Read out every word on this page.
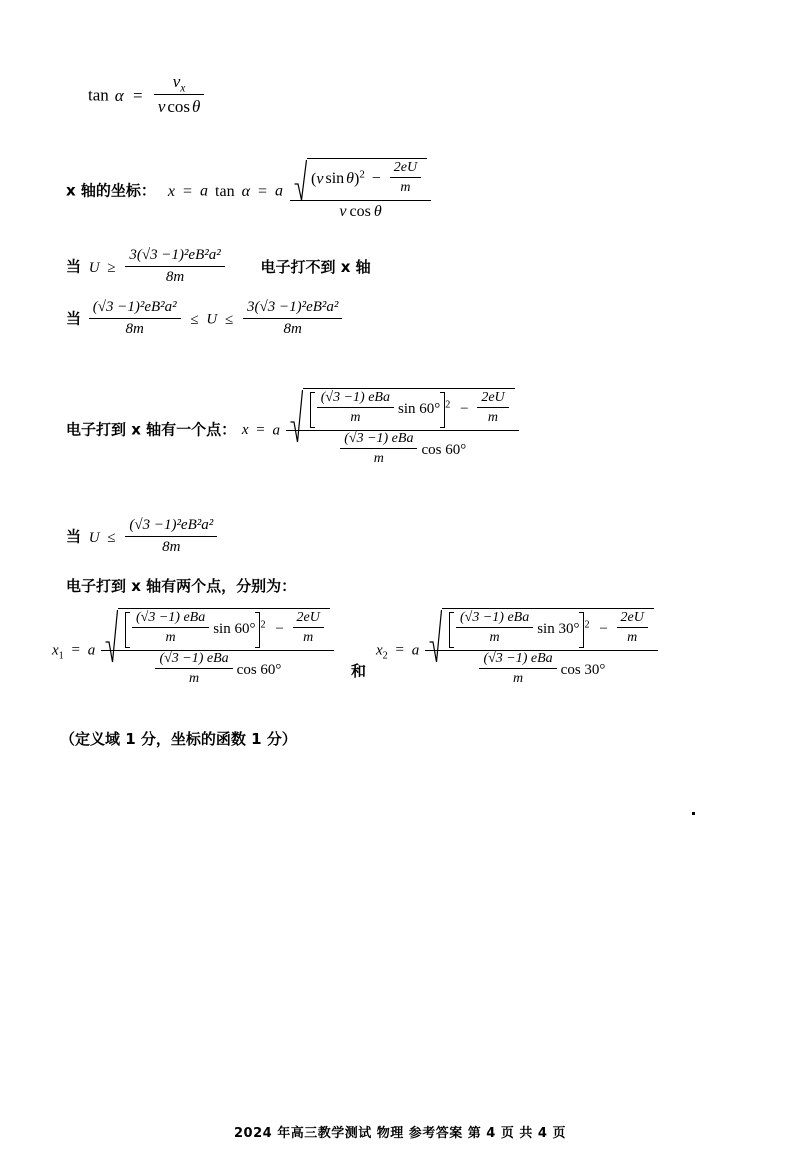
$\tan \alpha = \frac{v_x}{\text{v cos θ}}$
x 轴的坐标： x = a tan α = a
(v $\sin \theta)^2 - \frac{2eU}{m}$
v cos θ
当 $U \ge \frac{\text{3(√3 −1)²eB²a²}}{8m}$ 电子打不到 x 轴
当 $\frac{\text{(√3 −1)²eB²a²}}{8m} \le U \le \frac{\text{3(√3 −1)²eB²a²}}{8m}$
电子打到 x 轴有一个点： x = a
$\frac{\text{(√3 −1) eBa}}{m}$ sin 60° $^2 - \frac{2eU}{m}$
$\frac{\text{(√3 −1) eBa}}{m}$ cos 60°
当 $U \le \frac{\text{(√3 −1)²eB²a²}}{8m}$
电子打到 x 轴有两个点，分别为：
$x_1 = a$
$\frac{\text{(√3 −1) eBa}}{m}$ sin 60° $^2 - \frac{2eU}{m}$
$\frac{\text{(√3 −1) eBa}}{m}$ cos 60°	和
$x_2 = a$
$\frac{\text{(√3 −1) eBa}}{m}$ sin 30° $^2 - \frac{2eU}{m}$
$\frac{\text{(√3 −1) eBa}}{m}$ cos 30°
（定义域 1 分，坐标的函数 1 分）
2024 年高三教学测试 物理 参考答案 第 4 页 共 4 页
